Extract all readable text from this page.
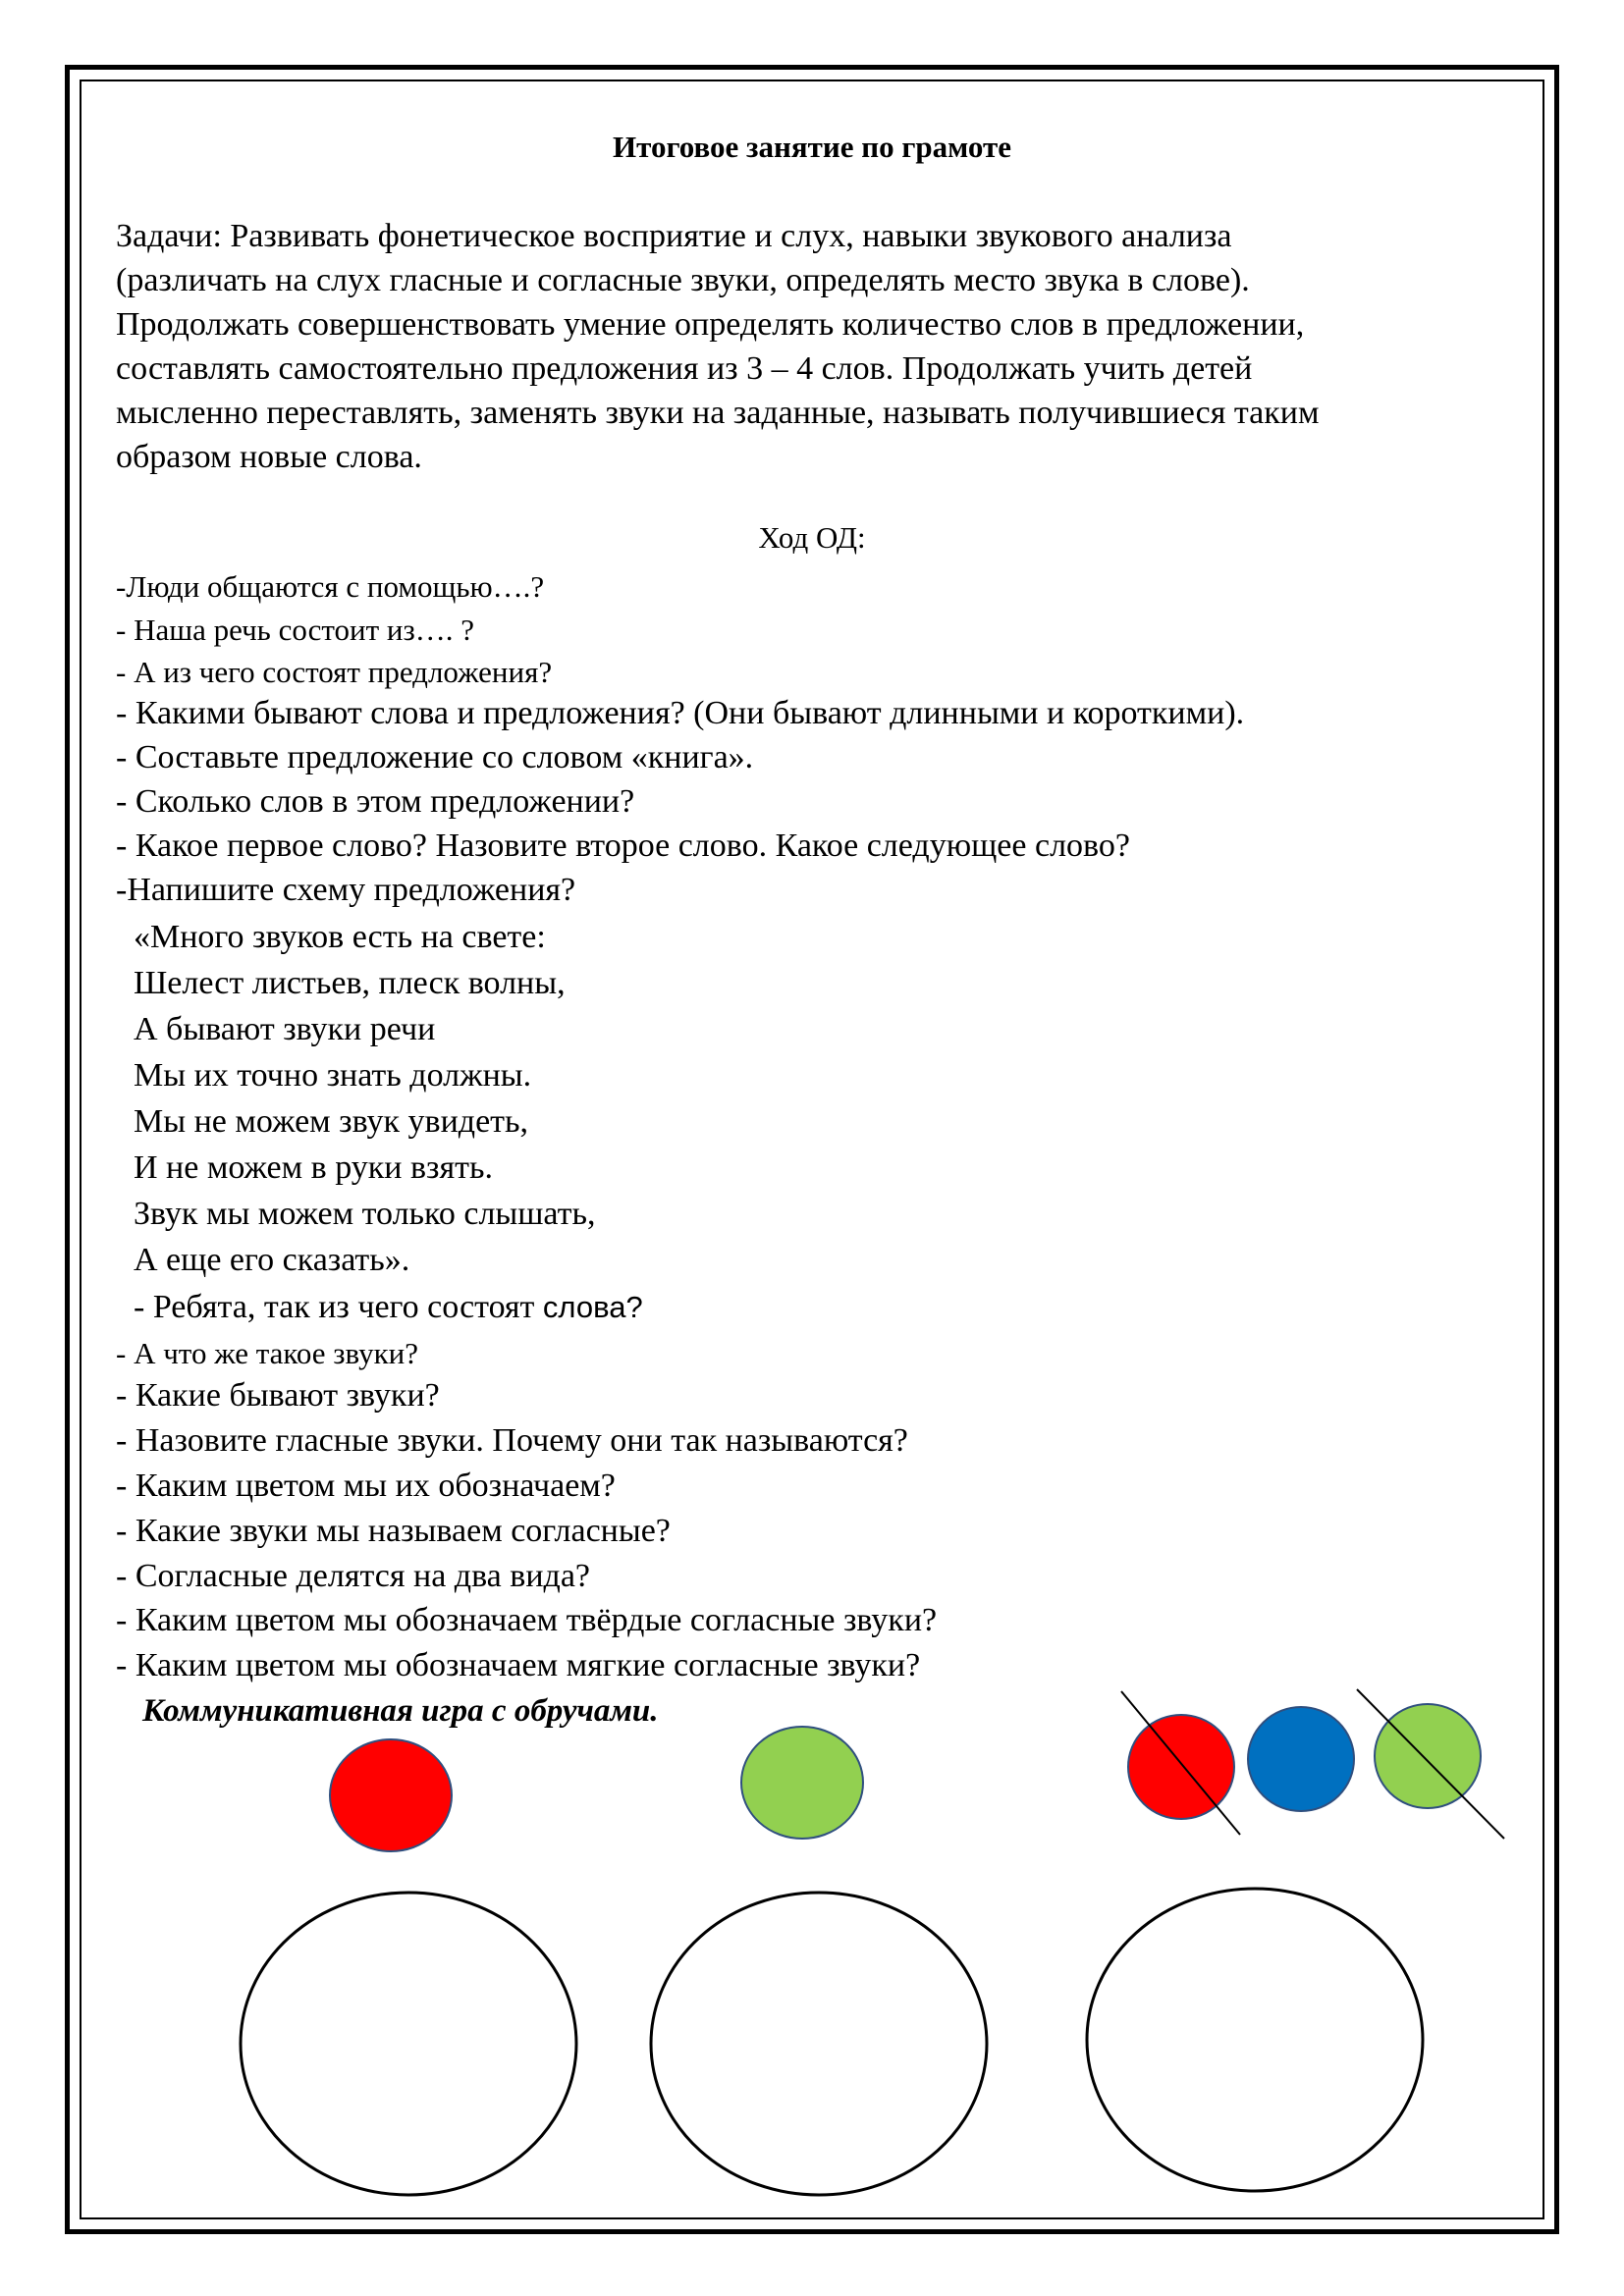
Итоговое занятие по грамоте
Задачи: Развивать фонетическое восприятие и слух, навыки звукового анализа
(различать на слух гласные и согласные звуки, определять место звука в слове).
Продолжать совершенствовать умение определять количество слов в предложении,
составлять самостоятельно предложения из 3 – 4 слов. Продолжать учить детей
мысленно переставлять, заменять звуки на заданные, называть получившиеся таким
образом новые слова.
Ход ОД:
-Люди общаются с помощью….?
- Наша речь состоит из…. ?
- А из чего состоят предложения?
- Какими бывают слова и предложения? (Они бывают длинными и короткими).
- Составьте предложение со словом «книга».
- Сколько слов в этом предложении?
- Какое первое слово? Назовите второе слово. Какое следующее слово?
-Напишите схему предложения?
«Много звуков есть на свете:
Шелест листьев, плеск волны,
А бывают звуки речи
Мы их точно знать должны.
Мы не можем звук увидеть,
И не можем в руки взять.
Звук мы можем только слышать,
А еще его сказать».
- Ребята, так из чего состоят слова?
- А что же такое звуки?
- Какие бывают звуки?
- Назовите гласные звуки. Почему они так называются?
- Каким цветом мы их обозначаем?
- Какие звуки мы называем согласные?
- Согласные делятся на два вида?
- Каким цветом мы обозначаем твёрдые согласные звуки?
- Каким цветом мы обозначаем мягкие согласные звуки?
Коммуникативная игра с обручами.
